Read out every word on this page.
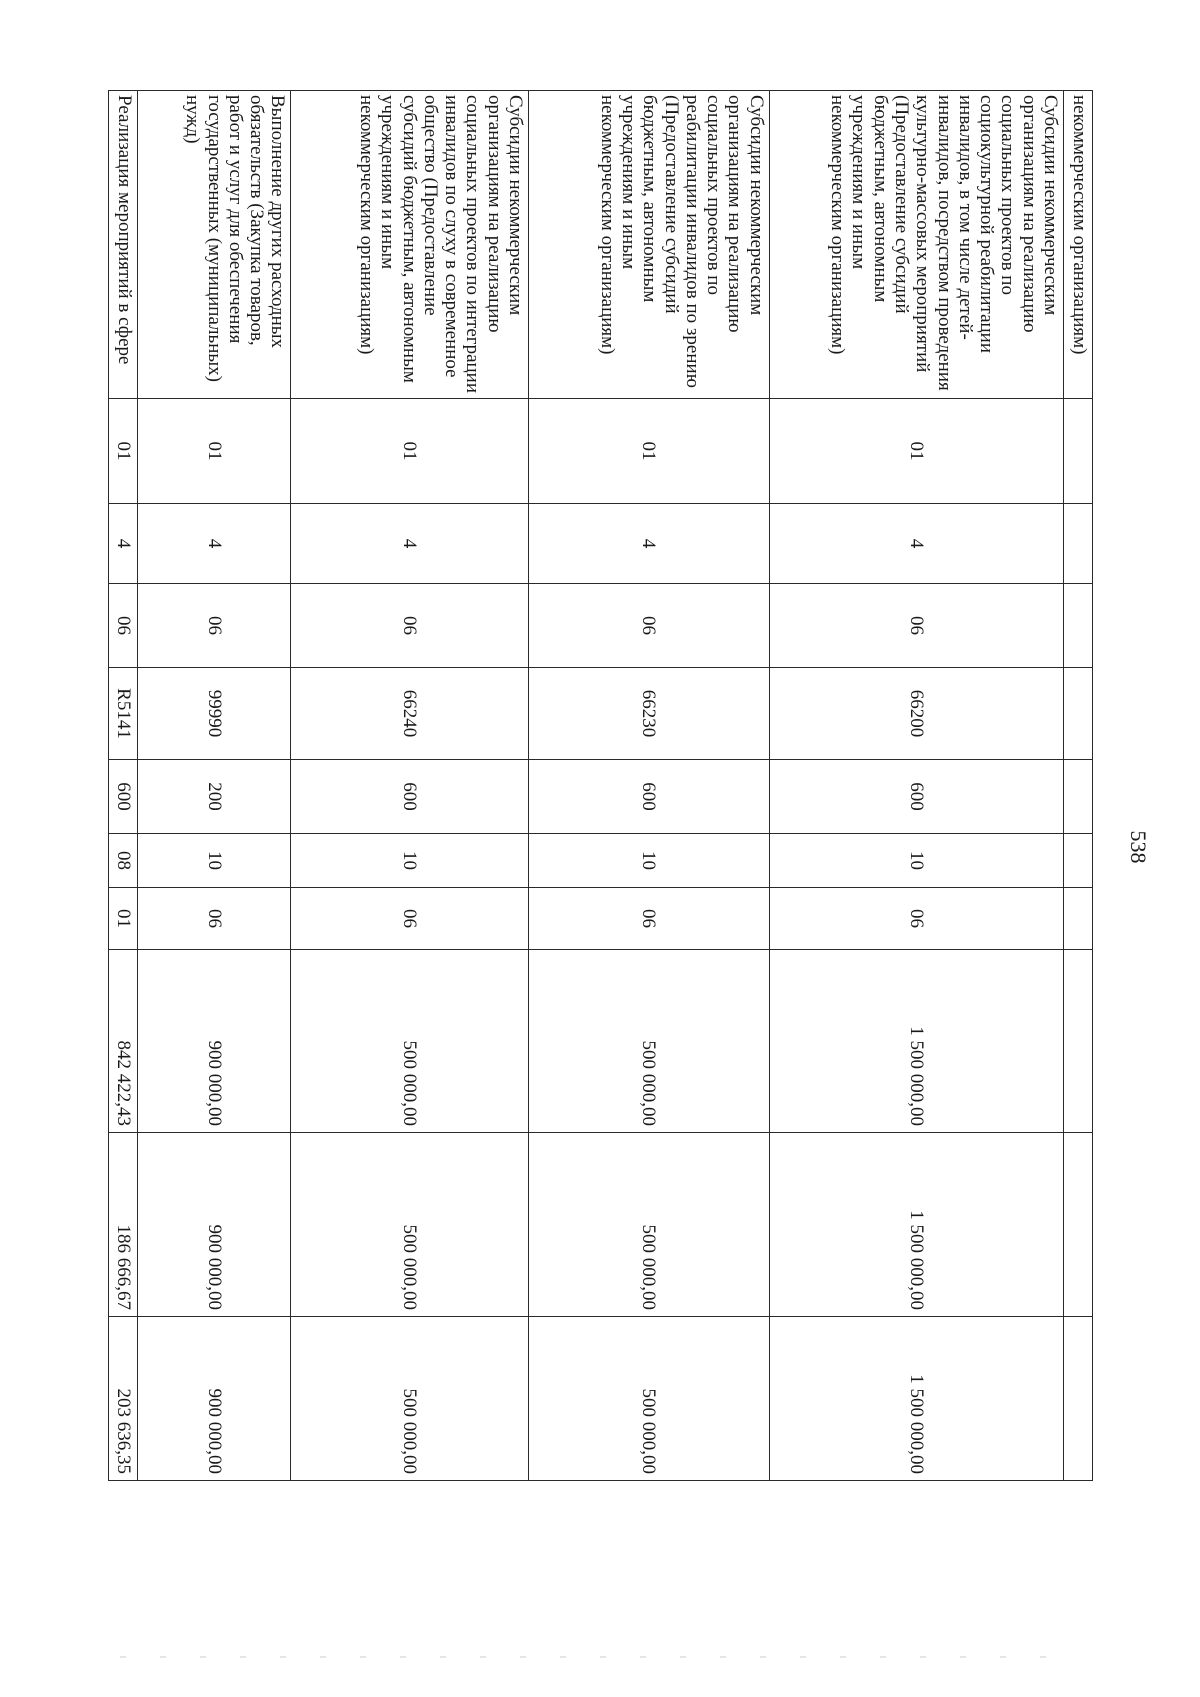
538
некоммерческим организациям)										
Субсидии некоммерческим организациям на реализацию социальных проектов по социокультурной реабилитации инвалидов, в том числе детей-инвалидов, посредством проведения культурно-массовых мероприятий (Предоставление субсидий бюджетным, автономным учреждениям и иным некоммерческим организациям)	01	4	06	66200	600	10	06	1 500 000,00	1 500 000,00	1 500 000,00
Субсидии некоммерческим организациям на реализацию социальных проектов по реабилитации инвалидов по зрению (Предоставление субсидий бюджетным, автономным учреждениям и иным некоммерческим организациям)	01	4	06	66230	600	10	06	500 000,00	500 000,00	500 000,00
Субсидии некоммерческим организациям на реализацию социальных проектов по интеграции инвалидов по слуху в современное общество (Предоставление субсидий бюджетным, автономным учреждениям и иным некоммерческим организациям)	01	4	06	66240	600	10	06	500 000,00	500 000,00	500 000,00
Выполнение других расходных обязательств (Закупка товаров, работ и услуг для обеспечения государственных (муниципальных) нужд)	01	4	06	99990	200	10	06	900 000,00	900 000,00	900 000,00
Реализация мероприятий в сфере	01	4	06	R5141	600	08	01	842 422,43	186 666,67	203 636,35
